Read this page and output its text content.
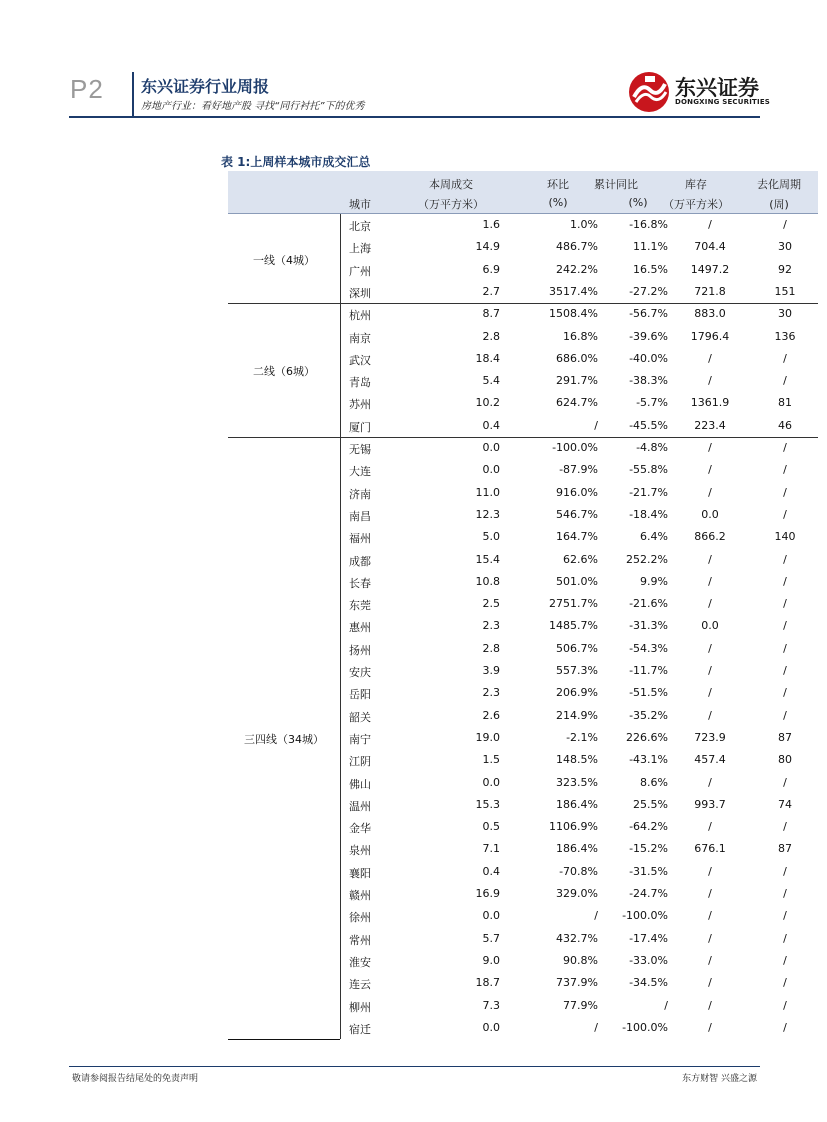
P2 东兴证券行业周报
房地产行业：看好地产股 寻找“同行衬托”下的优秀
东兴证券
DONGXING SECURITIES
表 1:上周样本城市成交汇总
城市
本周成交
（万平方米）
环比
(%)
累计同比
(%)
库存
（万平方米）
去化周期
(周)
北京	1.6	1.0%	-16.8%	/	/
上海	14.9	486.7%	11.1%	704.4	30
广州	6.9	242.2%	16.5%	1497.2	92
深圳	2.7	3517.4%	-27.2%	721.8	151
一线（4城）
杭州	8.7	1508.4%	-56.7%	883.0	30
南京	2.8	16.8%	-39.6%	1796.4	136
武汉	18.4	686.0%	-40.0%	/	/
青岛	5.4	291.7%	-38.3%	/	/
苏州	10.2	624.7%	-5.7%	1361.9	81
厦门	0.4	/	-45.5%	223.4	46
二线（6城）
无锡	0.0	-100.0%	-4.8%	/	/
大连	0.0	-87.9%	-55.8%	/	/
济南	11.0	916.0%	-21.7%	/	/
南昌	12.3	546.7%	-18.4%	0.0	/
福州	5.0	164.7%	6.4%	866.2	140
成都	15.4	62.6%	252.2%	/	/
长春	10.8	501.0%	9.9%	/	/
东莞	2.5	2751.7%	-21.6%	/	/
惠州	2.3	1485.7%	-31.3%	0.0	/
扬州	2.8	506.7%	-54.3%	/	/
安庆	3.9	557.3%	-11.7%	/	/
岳阳	2.3	206.9%	-51.5%	/	/
韶关	2.6	214.9%	-35.2%	/	/
南宁	19.0	-2.1%	226.6%	723.9	87
江阴	1.5	148.5%	-43.1%	457.4	80
佛山	0.0	323.5%	8.6%	/	/
温州	15.3	186.4%	25.5%	993.7	74
金华	0.5	1106.9%	-64.2%	/	/
泉州	7.1	186.4%	-15.2%	676.1	87
襄阳	0.4	-70.8%	-31.5%	/	/
赣州	16.9	329.0%	-24.7%	/	/
徐州	0.0	/	-100.0%	/	/
常州	5.7	432.7%	-17.4%	/	/
淮安	9.0	90.8%	-33.0%	/	/
连云	18.7	737.9%	-34.5%	/	/
柳州	7.3	77.9%	/	/	/
宿迁	0.0	/	-100.0%	/	/
三四线（34城）
敬请参阅报告结尾处的免责声明	东方财智 兴盛之源
